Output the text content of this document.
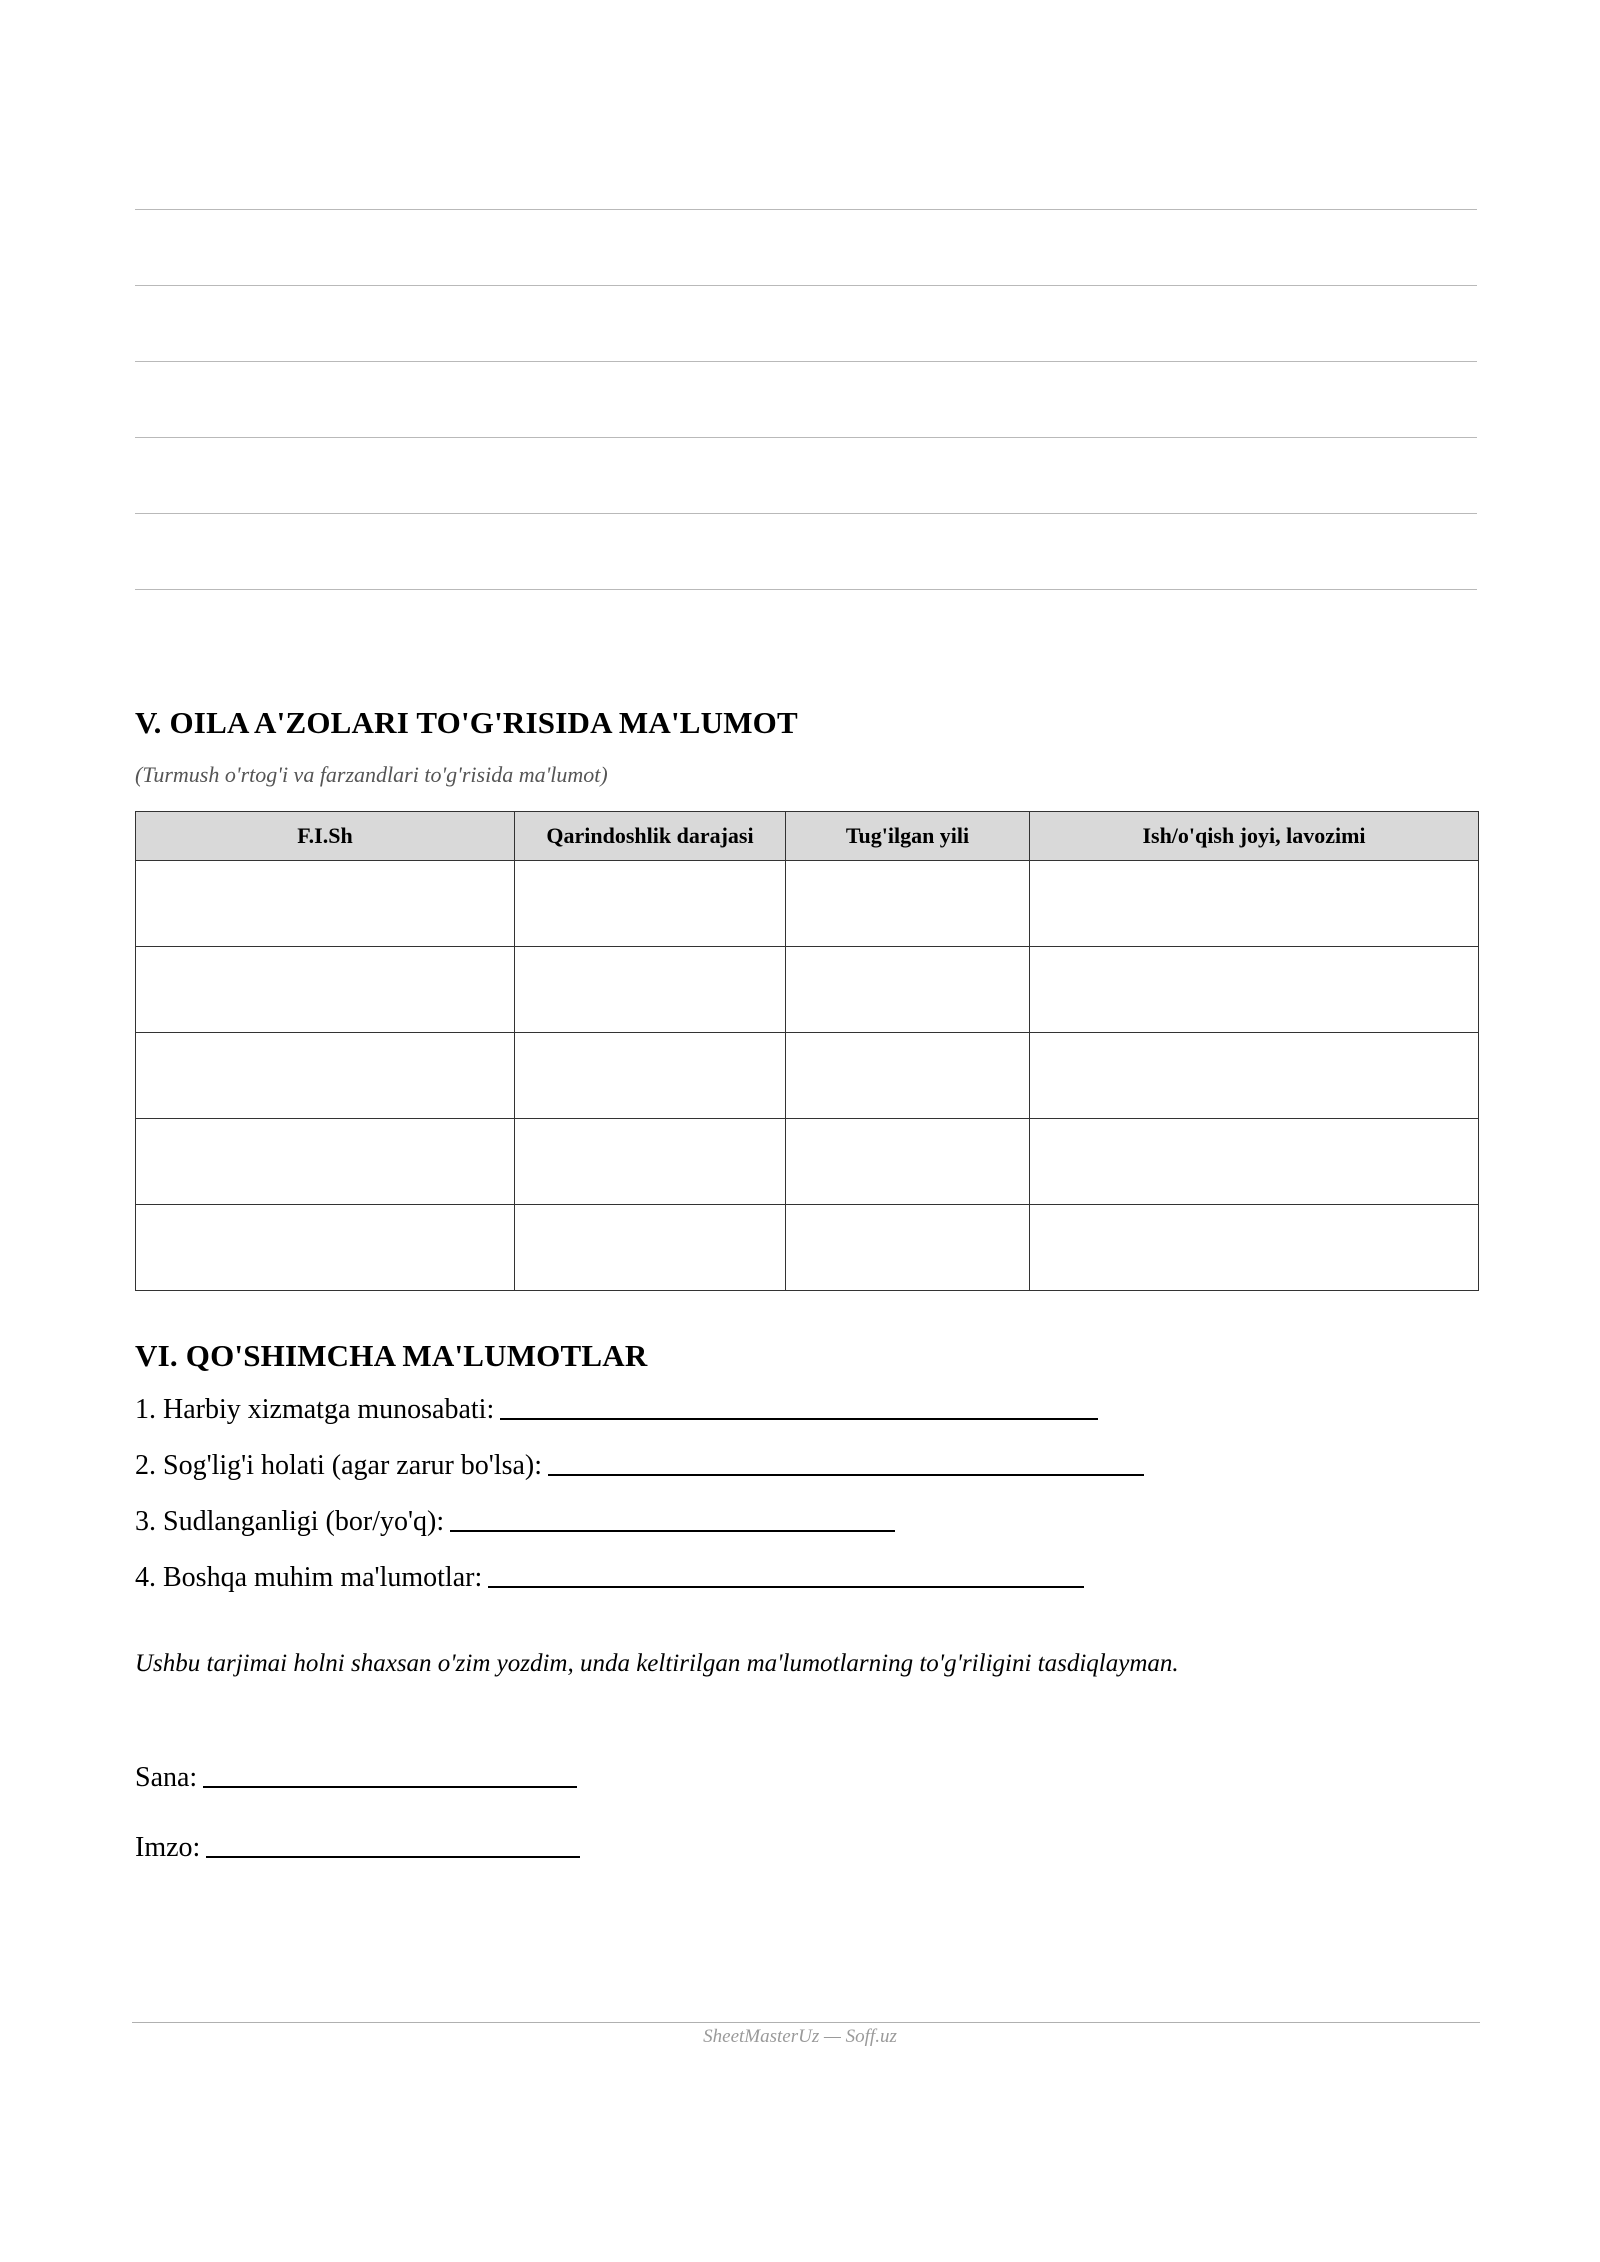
V. OILA A'ZOLARI TO'G'RISIDA MA'LUMOT
(Turmush o'rtog'i va farzandlari to'g'risida ma'lumot)
F.I.Sh	Qarindoshlik darajasi	Tug'ilgan yili	Ish/o'qish joyi, lavozimi

VI. QO'SHIMCHA MA'LUMOTLAR
1. Harbiy xizmatga munosabati:
2. Sog'lig'i holati (agar zarur bo'lsa):
3. Sudlanganligi (bor/yo'q):
4. Boshqa muhim ma'lumotlar:
Ushbu tarjimai holni shaxsan o'zim yozdim, unda keltirilgan ma'lumotlarning to'g'riligini tasdiqlayman.
Sana:
Imzo:
SheetMasterUz — Soff.uz
